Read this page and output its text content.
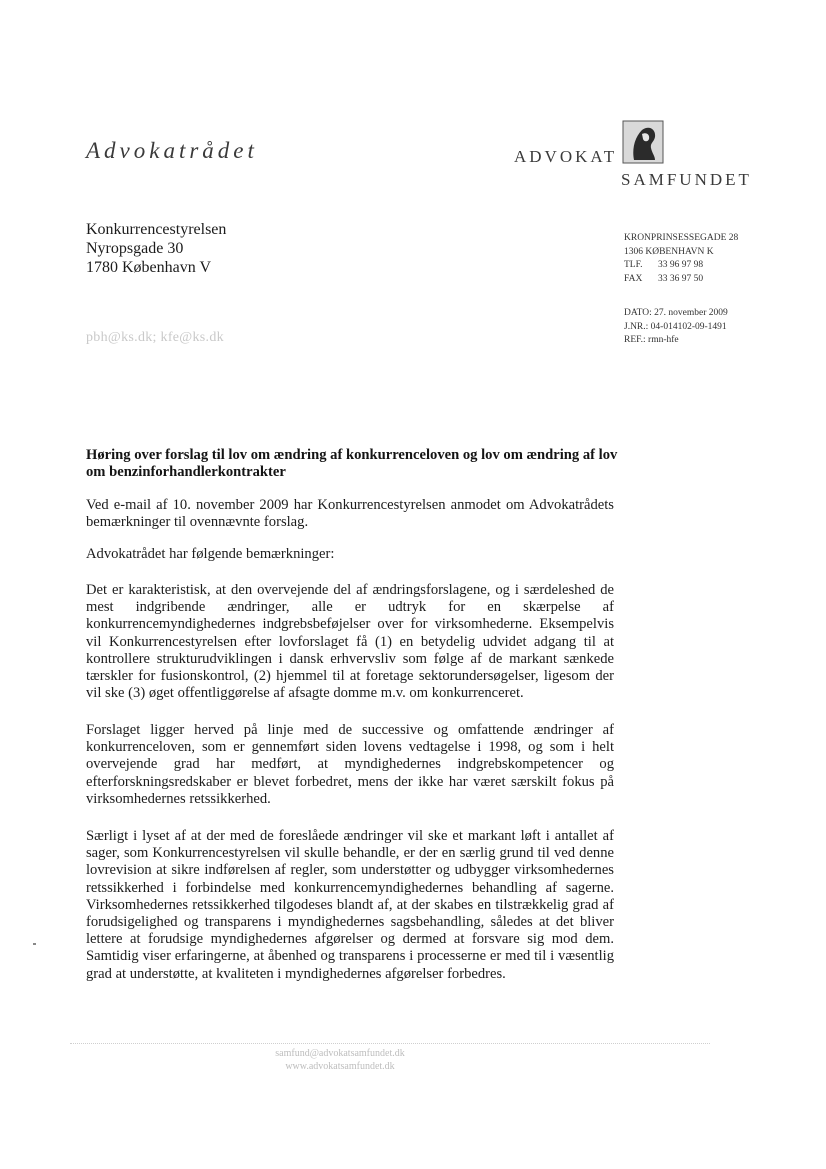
Advokatrådet	ADVOKAT
SAMFUNDET
Konkurrencestyrelsen
Nyropsgade 30
1780 København V
pbh@ks.dk; kfe@ks.dk
KRONPRINSESSEGADE 28
1306 KØBENHAVN K
TLF.	33 96 97 98
FAX	33 36 97 50
DATO: 27. november 2009
J.NR.: 04-014102-09-1491
REF.: rmn-hfe
Høring over forslag til lov om ændring af konkurrenceloven og lov om ændring af lov om benzinforhandlerkontrakter
Ved e-mail af 10. november 2009 har Konkurrencestyrelsen anmodet om Advokatrådets bemærkninger til ovennævnte forslag.
Advokatrådet har følgende bemærkninger:
Det er karakteristisk, at den overvejende del af ændringsforslagene, og i særdeleshed de mest indgribende ændringer, alle er udtryk for en skærpelse af konkurrencemyndighedernes indgrebsbeføjelser over for virksomhederne. Eksempelvis vil Konkurrencestyrelsen efter lovforslaget få (1) en betydelig udvidet adgang til at kontrollere strukturudviklingen i dansk erhvervsliv som følge af de markant sænkede tærskler for fusionskontrol, (2) hjemmel til at foretage sektorundersøgelser, ligesom der vil ske (3) øget offentliggørelse af afsagte domme m.v. om konkurrenceret.
Forslaget ligger herved på linje med de successive og omfattende ændringer af konkurrenceloven, som er gennemført siden lovens vedtagelse i 1998, og som i helt overvejende grad har medført, at myndighedernes indgrebskompetencer og efterforskningsredskaber er blevet forbedret, mens der ikke har været særskilt fokus på virksomhedernes retssikkerhed.
Særligt i lyset af at der med de foreslåede ændringer vil ske et markant løft i antallet af sager, som Konkurrencestyrelsen vil skulle behandle, er der en særlig grund til ved denne lovrevision at sikre indførelsen af regler, som understøtter og udbygger virksomhedernes retssikkerhed i forbindelse med konkurrencemyndighedernes behandling af sagerne. Virksomhedernes retssikkerhed tilgodeses blandt af, at der skabes en tilstrækkelig grad af forudsigelighed og transparens i myndighedernes sagsbehandling, således at det bliver lettere at forudsige myndighedernes afgørelser og dermed at forsvare sig mod dem. Samtidig viser erfaringerne, at åbenhed og transparens i processerne er med til i væsentlig grad at understøtte, at kvaliteten i myndighedernes afgørelser forbedres.
samfund@advokatsamfundet.dk
www.advokatsamfundet.dk
